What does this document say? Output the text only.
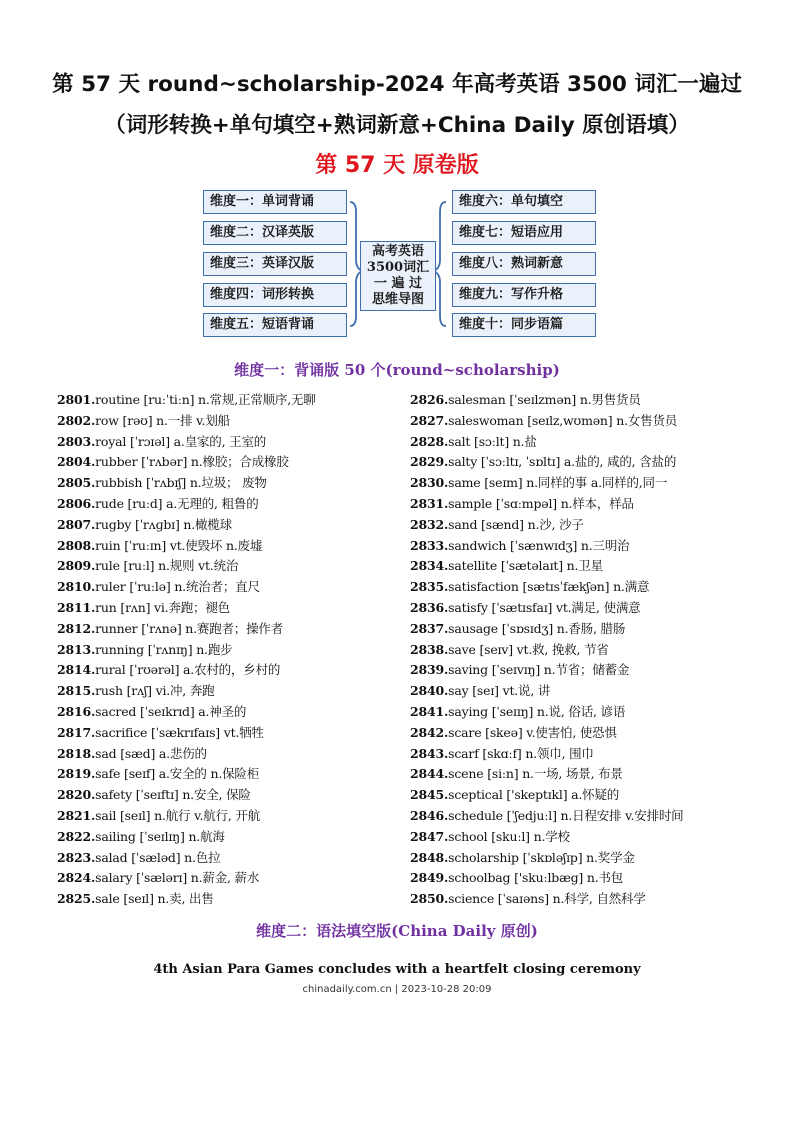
第 57 天 round~scholarship-2024 年高考英语 3500 词汇一遍过（词形转换+单句填空+熟词新意+China Daily 原创语填）
第 57 天 原卷版
维度一：单词背诵
维度二：汉译英版
维度三：英译汉版
维度四：词形转换
维度五：短语背诵
高考英语
3500词汇
一 遍 过
思维导图
维度六：单句填空
维度七：短语应用
维度八：熟词新意
维度九：写作升格
维度十：同步语篇
维度一：背诵版 50 个(round~scholarship)
2801.routine [ruːˈtiːn] n.常规,正常顺序,无聊
2802.row [rəʊ] n.一排 v.划船
2803.royal [ˈrɔɪəl] a.皇家的, 王室的
2804.rubber [ˈrʌbər] n.橡胶；合成橡胶
2805.rubbish [ˈrʌbɪʃ] n.垃圾； 废物
2806.rude [ruːd] a.无理的, 粗鲁的
2807.rugby [ˈrʌɡbɪ] n.橄榄球
2808.ruin [ˈruːɪn] vt.使毁坏 n.废墟
2809.rule [ruːl] n.规则 vt.统治
2810.ruler [ˈruːlə] n.统治者；直尺
2811.run [rʌn] vi.奔跑；褪色
2812.runner [ˈrʌnə] n.赛跑者；操作者
2813.running [ˈrʌnɪŋ] n.跑步
2814.rural [ˈrʊərəl] a.农村的，乡村的
2815.rush [rʌʃ] vi.冲, 奔跑
2816.sacred [ˈseɪkrɪd] a.神圣的
2817.sacrifice [ˈsækrɪfaɪs] vt.牺牲
2818.sad [sæd] a.悲伤的
2819.safe [seɪf] a.安全的 n.保险柜
2820.safety [ˈseɪftɪ] n.安全, 保险
2821.sail [seɪl] n.航行 v.航行, 开航
2822.sailing [ˈseɪlɪŋ] n.航海
2823.salad [ˈsæləd] n.色拉
2824.salary [ˈsælərɪ] n.薪金, 薪水
2825.sale [seɪl] n.卖, 出售
2826.salesman [ˈseɪlzmən] n.男售货员
2827.saleswoman [seɪlz,wʊmən] n.女售货员
2828.salt [sɔːlt] n.盐
2829.salty [ˈsɔːltɪ, ˈsɒltɪ] a.盐的, 咸的, 含盐的
2830.same [seɪm] n.同样的事 a.同样的,同一
2831.sample [ˈsɑːmpəl] n.样本，样品
2832.sand [sænd] n.沙, 沙子
2833.sandwich [ˈsænwɪdʒ] n.三明治
2834.satellite [ˈsætəlaɪt] n.卫星
2835.satisfaction [sætɪsˈfækʃən] n.满意
2836.satisfy [ˈsætɪsfaɪ] vt.满足, 使满意
2837.sausage [ˈsɒsɪdʒ] n.香肠, 腊肠
2838.save [seɪv] vt.救, 挽救, 节省
2839.saving [ˈseɪvɪŋ] n.节省；储蓄金
2840.say [seɪ] vt.说, 讲
2841.saying [ˈseɪɪŋ] n.说, 俗话, 谚语
2842.scare [skeə] v.使害怕, 使恐惧
2843.scarf [skɑːf] n.领巾, 围巾
2844.scene [siːn] n.一场, 场景, 布景
2845.sceptical ['skeptɪkl] a.怀疑的
2846.schedule [ˈʃedjuːl] n.日程安排 v.安排时间
2847.school [skuːl] n.学校
2848.scholarship [ˈskɒləʃɪp] n.奖学金
2849.schoolbag ['skuːlbæg] n.书包
2850.science [ˈsaɪəns] n.科学, 自然科学
维度二：语法填空版(China Daily 原创)
4th Asian Para Games concludes with a heartfelt closing ceremony
chinadaily.com.cn | 2023-10-28 20:09
